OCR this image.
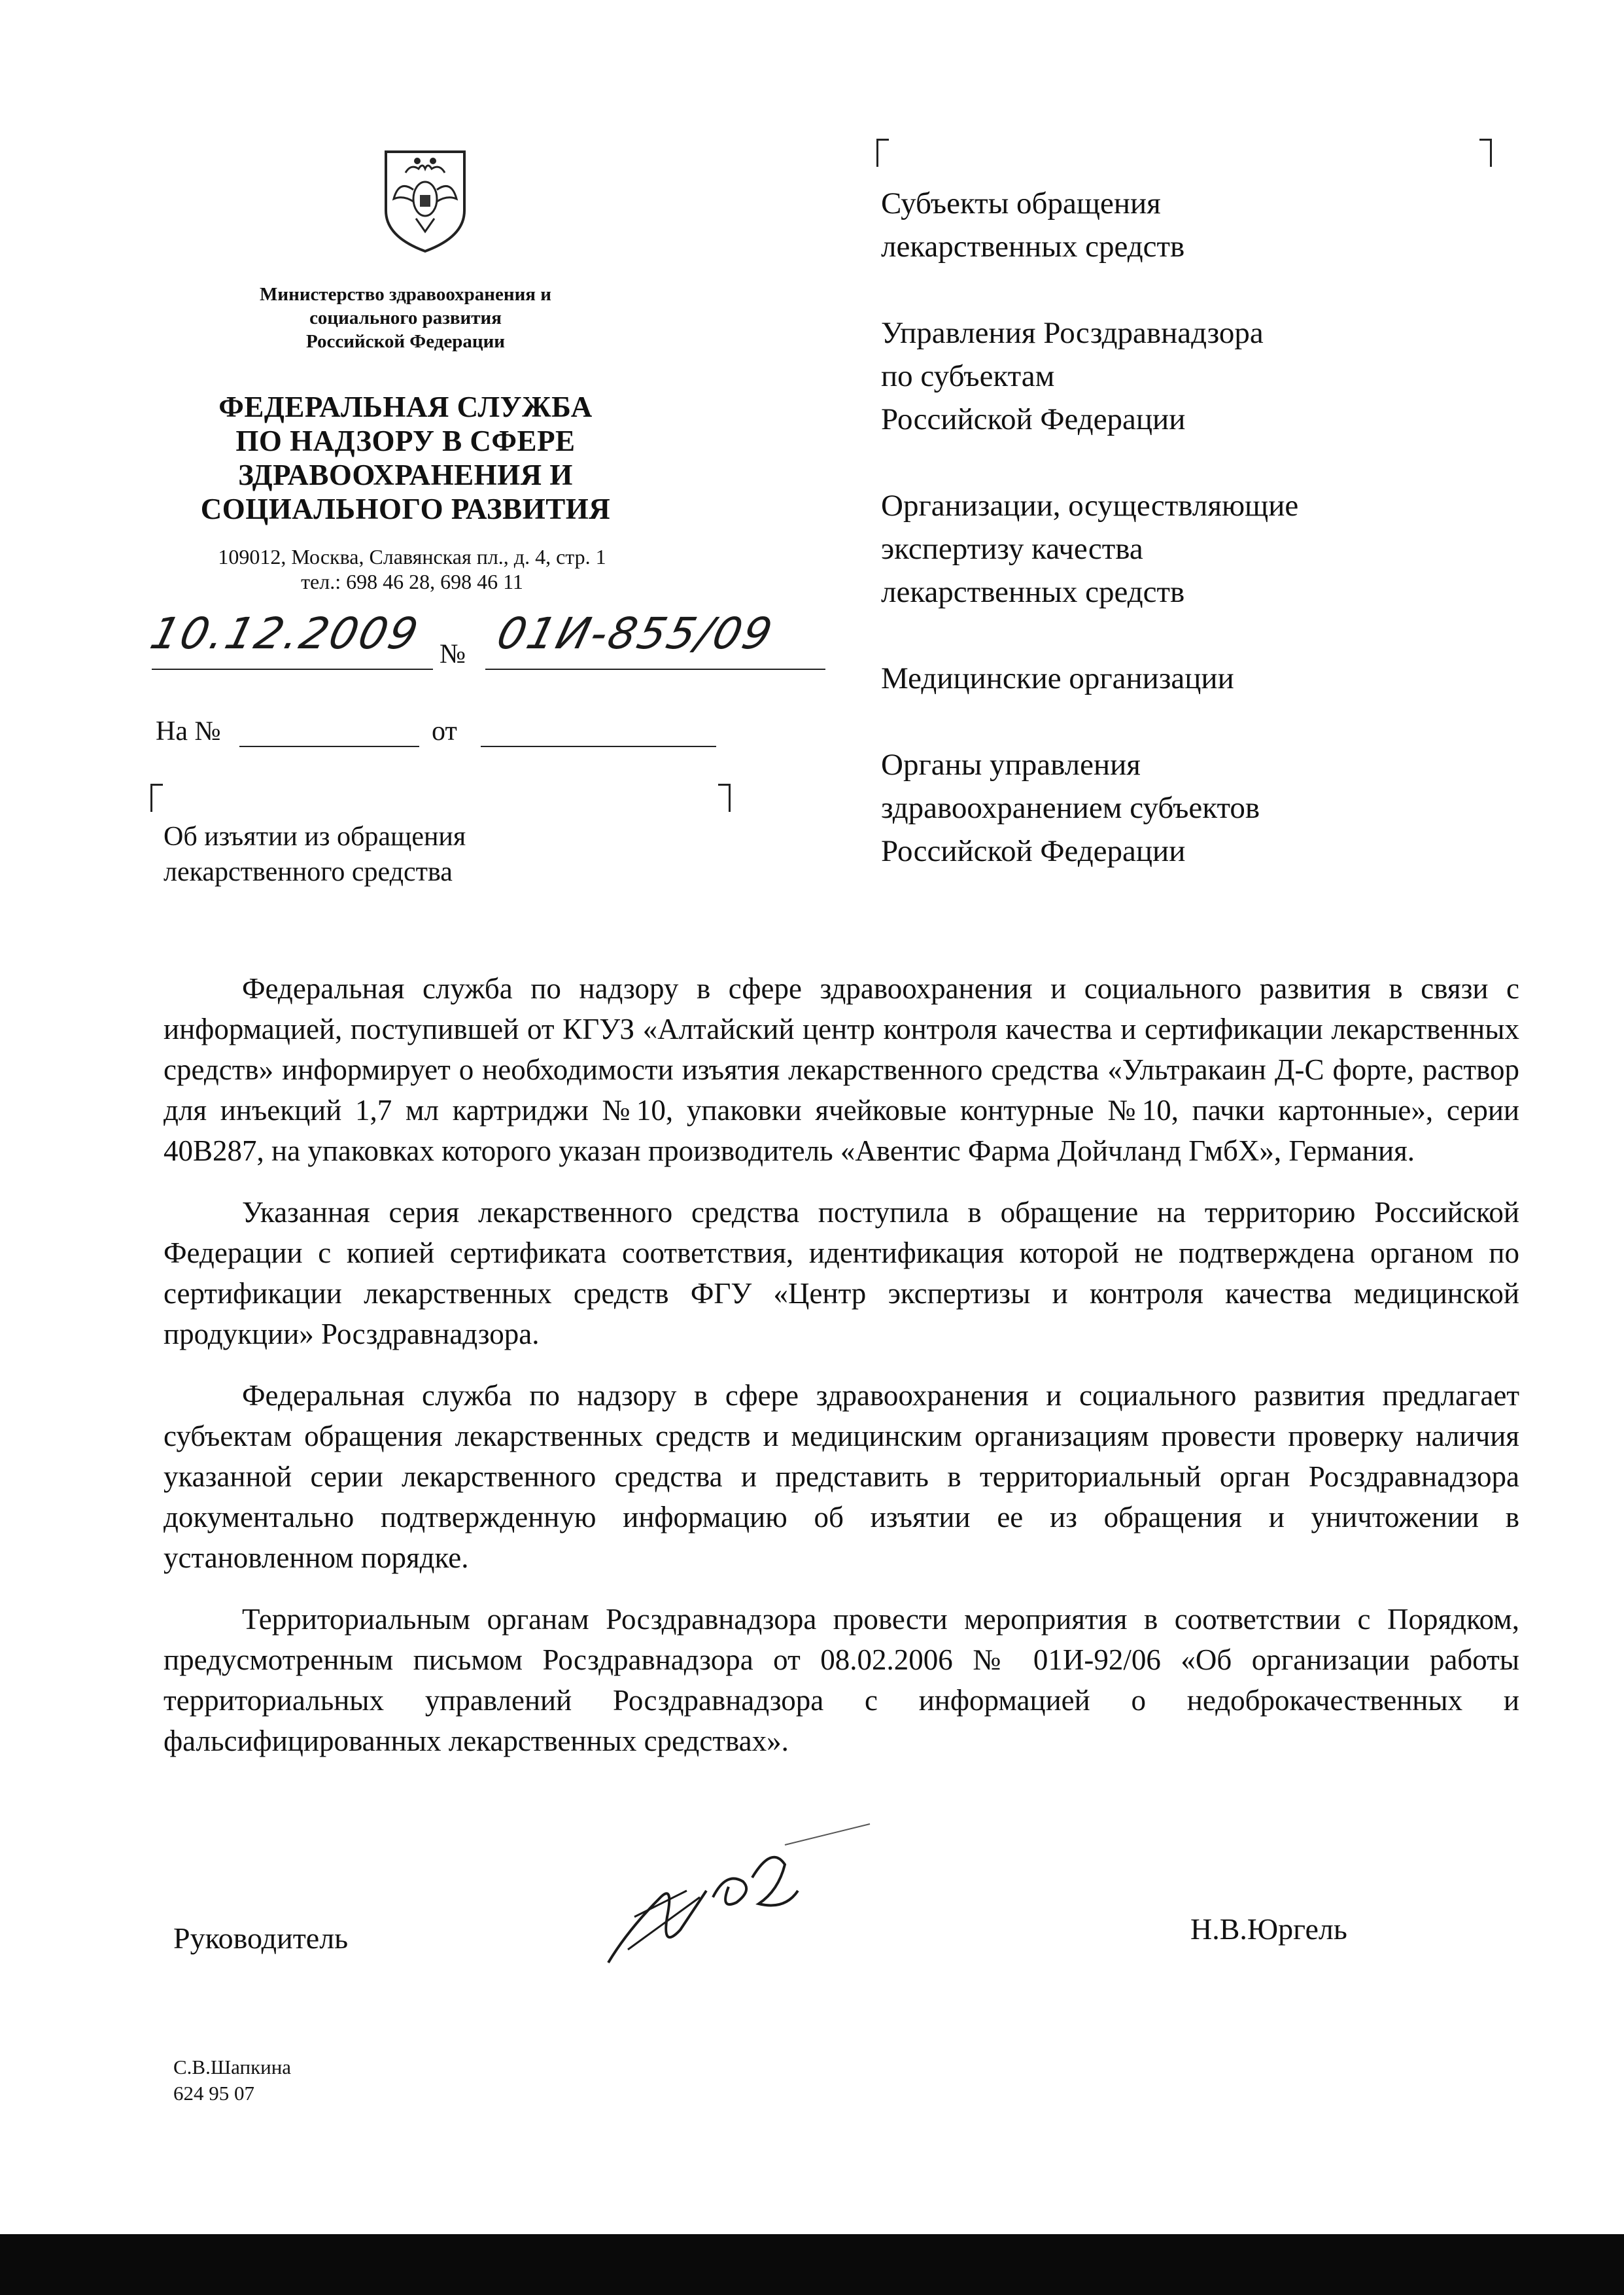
Министерство здравоохранения и
социального развития
Российской Федерации
ФЕДЕРАЛЬНАЯ СЛУЖБА
ПО НАДЗОРУ В СФЕРЕ
ЗДРАВООХРАНЕНИЯ И
СОЦИАЛЬНОГО РАЗВИТИЯ
109012, Москва, Славянская пл., д. 4, стр. 1
тел.: 698 46 28, 698 46 11
10.12.2009 № 01И-855/09
На №	от
Об изъятии из обращения
лекарственного средства
Субъекты обращения
лекарственных средств
Управления Росздравнадзора
по субъектам
Российской Федерации
Организации, осуществляющие
экспертизу качества
лекарственных средств
Медицинские организации
Органы управления
здравоохранением субъектов
Российской Федерации

Федеральная служба по надзору в сфере здравоохранения и социального развития в связи с информацией, поступившей от КГУЗ «Алтайский центр контроля качества и сертификации лекарственных средств» информирует о необходимости изъятия лекарственного средства «Ультракаин Д-С форте, раствор для инъекций 1,7 мл картриджи №10, упаковки ячейковые контурные №10, пачки картонные», серии 40В287, на упаковках которого указан производитель «Авентис Фарма Дойчланд ГмбХ», Германия.

Указанная серия лекарственного средства поступила в обращение на территорию Российской Федерации с копией сертификата соответствия, идентификация которой не подтверждена органом по сертификации лекарственных средств ФГУ «Центр экспертизы и контроля качества медицинской продукции» Росздравнадзора.

Федеральная служба по надзору в сфере здравоохранения и социального развития предлагает субъектам обращения лекарственных средств и медицинским организациям провести проверку наличия указанной серии лекарственного средства и представить в территориальный орган Росздравнадзора документально подтвержденную информацию об изъятии ее из обращения и уничтожении в установленном порядке.

Территориальным органам Росздравнадзора провести мероприятия в соответствии с Порядком, предусмотренным письмом Росздравнадзора от 08.02.2006 № 01И-92/06 «Об организации работы территориальных управлений Росздравнадзора с информацией о недоброкачественных и фальсифицированных лекарственных средствах».

Руководитель	Н.В.Юргель
С.В.Шапкина
624 95 07
